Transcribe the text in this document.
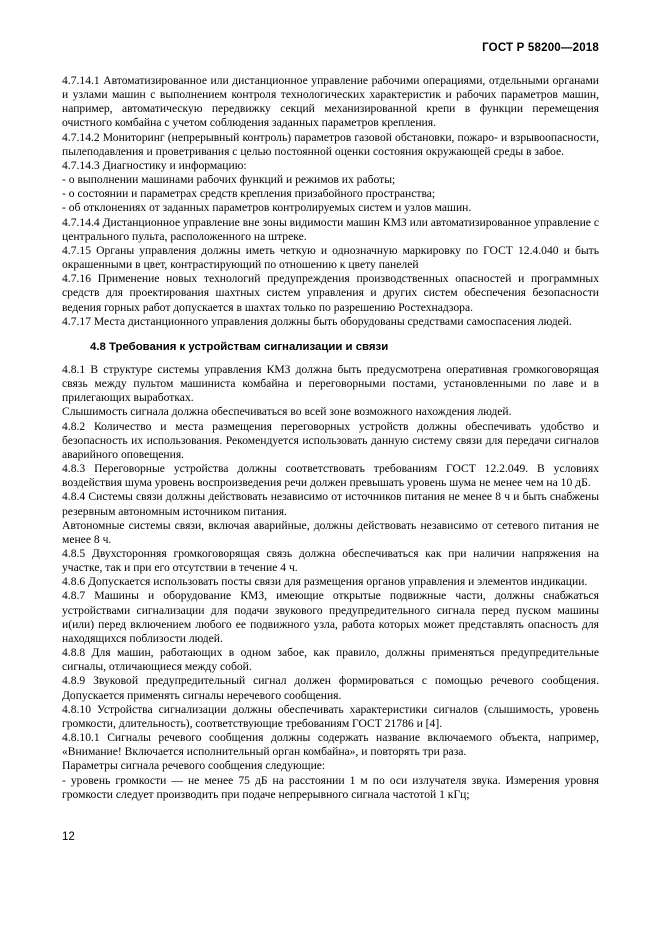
ГОСТ Р 58200—2018

4.7.14.1 Автоматизированное или дистанционное управление рабочими операциями, отдельными органами и узлами машин с выполнением контроля технологических характеристик и рабочих параметров машин, например, автоматическую передвижку секций механизированной крепи в функции перемещения очистного комбайна с учетом соблюдения заданных параметров крепления.

4.7.14.2 Мониторинг (непрерывный контроль) параметров газовой обстановки, пожаро- и взрывоопасности, пылеподавления и проветривания с целью постоянной оценки состояния окружающей среды в забое.

4.7.14.3 Диагностику и информацию:

- о выполнении машинами рабочих функций и режимов их работы;

- о состоянии и параметрах средств крепления призабойного пространства;

- об отклонениях от заданных параметров контролируемых систем и узлов машин.

4.7.14.4 Дистанционное управление вне зоны видимости машин КМЗ или автоматизированное управление с центрального пульта, расположенного на штреке.

4.7.15 Органы управления должны иметь четкую и однозначную маркировку по ГОСТ 12.4.040 и быть окрашенными в цвет, контрастирующий по отношению к цвету панелей

4.7.16 Применение новых технологий предупреждения производственных опасностей и программных средств для проектирования шахтных систем управления и других систем обеспечения безопасности ведения горных работ допускается в шахтах только по разрешению Ростехнадзора.

4.7.17 Места дистанционного управления должны быть оборудованы средствами самоспасения людей.

4.8 Требования к устройствам сигнализации и связи

4.8.1 В структуре системы управления КМЗ должна быть предусмотрена оперативная громкоговорящая связь между пультом машиниста комбайна и переговорными постами, установленными по лаве и в прилегающих выработках.

Слышимость сигнала должна обеспечиваться во всей зоне возможного нахождения людей.

4.8.2 Количество и места размещения переговорных устройств должны обеспечивать удобство и безопасность их использования. Рекомендуется использовать данную систему связи для передачи сигналов аварийного оповещения.

4.8.3 Переговорные устройства должны соответствовать требованиям ГОСТ 12.2.049. В условиях воздействия шума уровень воспроизведения речи должен превышать уровень шума не менее чем на 10 дБ.

4.8.4 Системы связи должны действовать независимо от источников питания не менее 8 ч и быть снабжены резервным автономным источником питания.

Автономные системы связи, включая аварийные, должны действовать независимо от сетевого питания не менее 8 ч.

4.8.5 Двухсторонняя громкоговорящая связь должна обеспечиваться как при наличии напряжения на участке, так и при его отсутствии в течение 4 ч.

4.8.6 Допускается использовать посты связи для размещения органов управления и элементов индикации.

4.8.7 Машины и оборудование КМЗ, имеющие открытые подвижные части, должны снабжаться устройствами сигнализации для подачи звукового предупредительного сигнала перед пуском машины и(или) перед включением любого ее подвижного узла, работа которых может представлять опасность для находящихся поблизости людей.

4.8.8 Для машин, работающих в одном забое, как правило, должны применяться предупредительные сигналы, отличающиеся между собой.

4.8.9 Звуковой предупредительный сигнал должен формироваться с помощью речевого сообщения. Допускается применять сигналы неречевого сообщения.

4.8.10 Устройства сигнализации должны обеспечивать характеристики сигналов (слышимость, уровень громкости, длительность), соответствующие требованиям ГОСТ 21786 и [4].

4.8.10.1 Сигналы речевого сообщения должны содержать название включаемого объекта, например, «Внимание! Включается исполнительный орган комбайна», и повторять три раза.

Параметры сигнала речевого сообщения следующие:

- уровень громкости — не менее 75 дБ на расстоянии 1 м по оси излучателя звука. Измерения уровня громкости следует производить при подаче непрерывного сигнала частотой 1 кГц;

12
